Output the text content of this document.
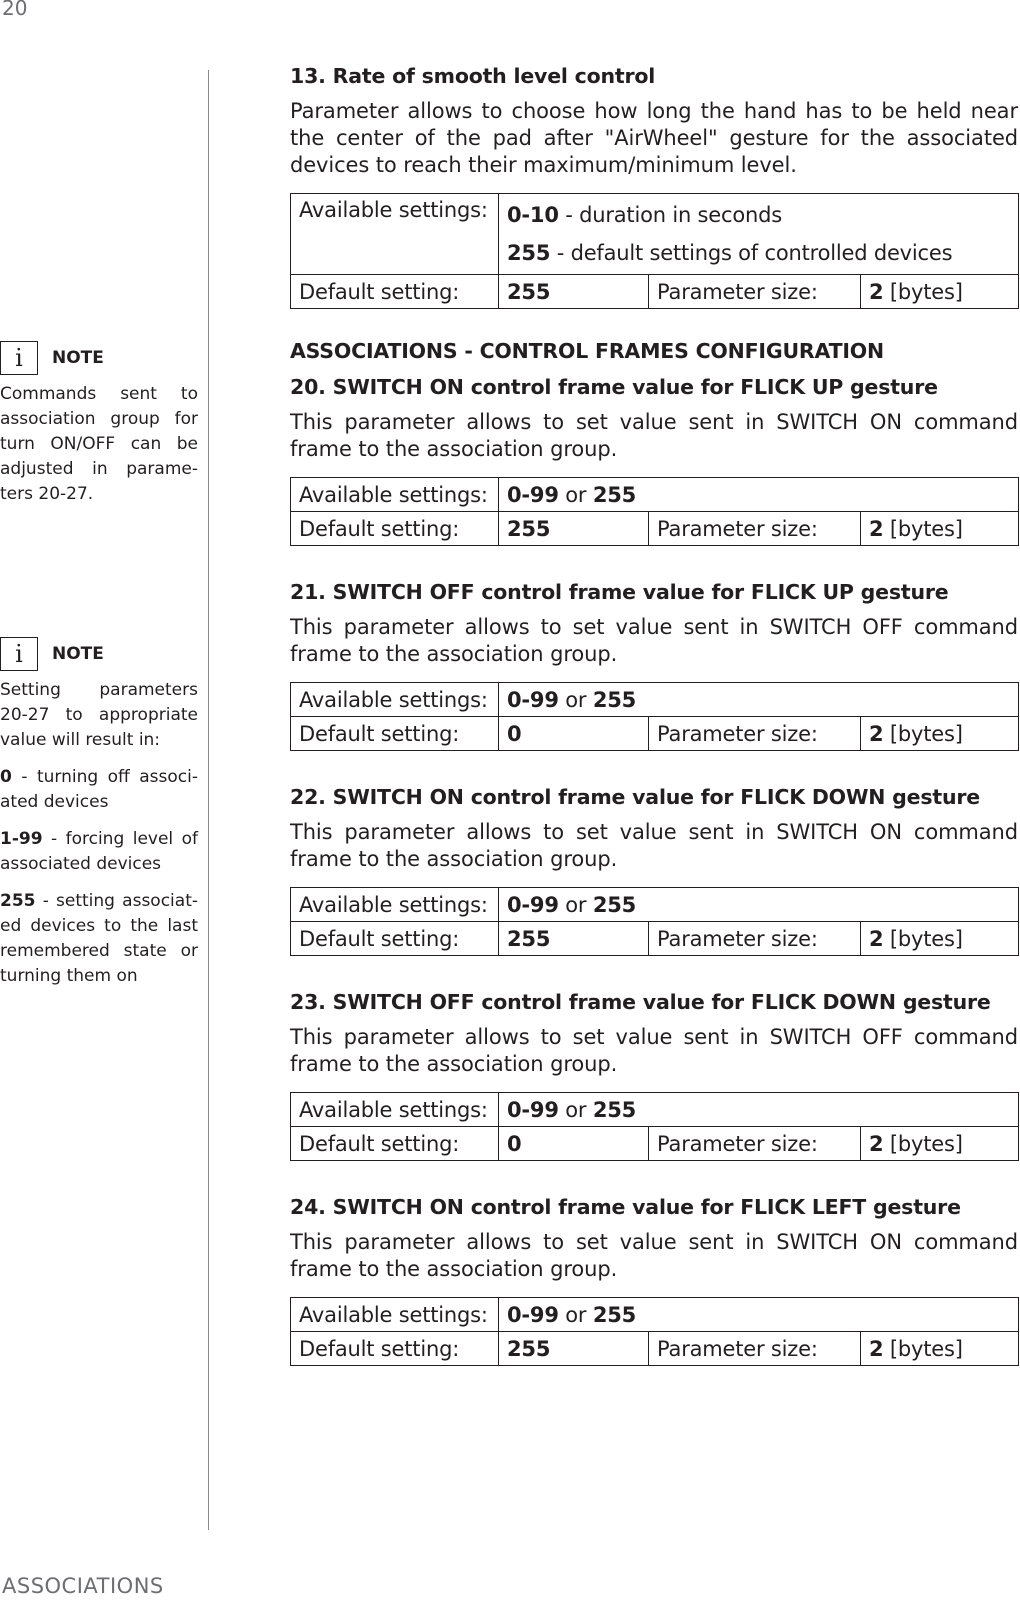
20
i	NOTE

Commands sent to association group for turn ON/OFF can be adjusted in parame-ters 20-27.

i	NOTE

Setting parameters 20-27 to appropriate value will result in:

0 - turning off associ-ated devices
1-99 - forcing level of associated devices
255 - setting associat-ed devices to the last remembered state or turning them on
13. Rate of smooth level control

Parameter allows to choose how long the hand has to be held near the center of the pad after "AirWheel" gesture for the associated devices to reach their maximum/minimum level.

Available settings:	0-10 - duration in seconds
255 - default settings of controlled devices		

Default setting:	255	Parameter size:	2 [bytes]
ASSOCIATIONS - CONTROL FRAMES CONFIGURATION
20. SWITCH ON control frame value for FLICK UP gesture

This parameter allows to set value sent in SWITCH ON command frame to the association group.

Available settings:	0-99 or 255		
Default setting:	255	Parameter size:	2 [bytes]
21. SWITCH OFF control frame value for FLICK UP gesture

This parameter allows to set value sent in SWITCH OFF command frame to the association group.

Available settings:	0-99 or 255		
Default setting:	0	Parameter size:	2 [bytes]
22. SWITCH ON control frame value for FLICK DOWN gesture

This parameter allows to set value sent in SWITCH ON command frame to the association group.

Available settings:	0-99 or 255		
Default setting:	255	Parameter size:	2 [bytes]
23. SWITCH OFF control frame value for FLICK DOWN gesture

This parameter allows to set value sent in SWITCH OFF command frame to the association group.

Available settings:	0-99 or 255		
Default setting:	0	Parameter size:	2 [bytes]
24. SWITCH ON control frame value for FLICK LEFT gesture

This parameter allows to set value sent in SWITCH ON command frame to the association group.

Available settings:	0-99 or 255		
Default setting:	255	Parameter size:	2 [bytes]
ASSOCIATIONS
